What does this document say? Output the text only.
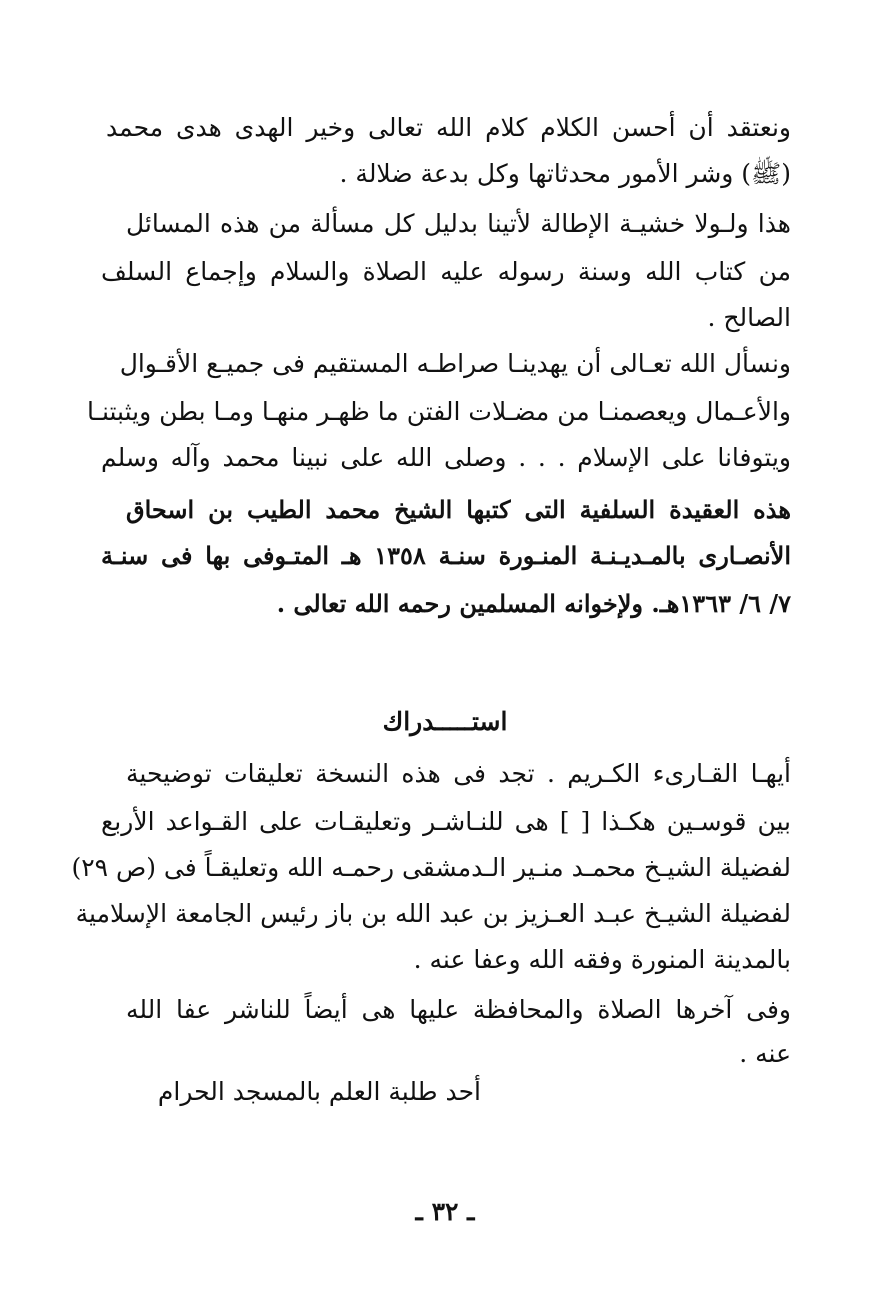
ونعتقد أن أحسن الكلام كلام الله تعالى وخير الهدى هدى محمد
(ﷺ) وشر الأمور محدثاتها وكل بدعة ضلالة .
هذا ولـولا خشيـة الإطالة لأتينا بدليل كل مسألة من هذه المسائل
من كتاب الله وسنة رسوله عليه الصلاة والسلام وإجماع السلف
الصالح .
ونسأل الله تعـالى أن يهدينـا صراطـه المستقيم فى جميـع الأقـوال
والأعـمال ويعصمنـا من مضـلات الفتن ما ظهـر منهـا ومـا بطن ويثبتنـا
ويتوفانا على الإسلام . . . وصلى الله على نبينا محمد وآله وسلم
هذه العقيدة السلفية التى كتبها الشيخ محمد الطيب بن اسحاق
الأنصـارى بالمـديـنـة المنـورة سنـة ١٣٥٨ هـ المتـوفى بها فى سنـة
٧/ ٦/ ١٣٦٣هـ. ولإخوانه المسلمين رحمه الله تعالى .
استـــــدراك
أيهـا القـارىء الكـريم . تجد فى هذه النسخة تعليقات توضيحية
بين قوسـين هكـذا [ ] هى للنـاشـر وتعليقـات على القـواعد الأربع
لفضيلة الشيـخ محمـد منـير الـدمشقى رحمـه الله وتعليقـاً فى (ص ٢٩)
لفضيلة الشيـخ عبـد العـزيز بن عبد الله بن باز رئيس الجامعة الإسلامية
بالمدينة المنورة وفقه الله وعفا عنه .
وفى آخرها الصلاة والمحافظة عليها هى أيضاً للناشر عفا الله
عنه .
أحد طلبة العلم بالمسجد الحرام
ـ ٣٢ ـ
